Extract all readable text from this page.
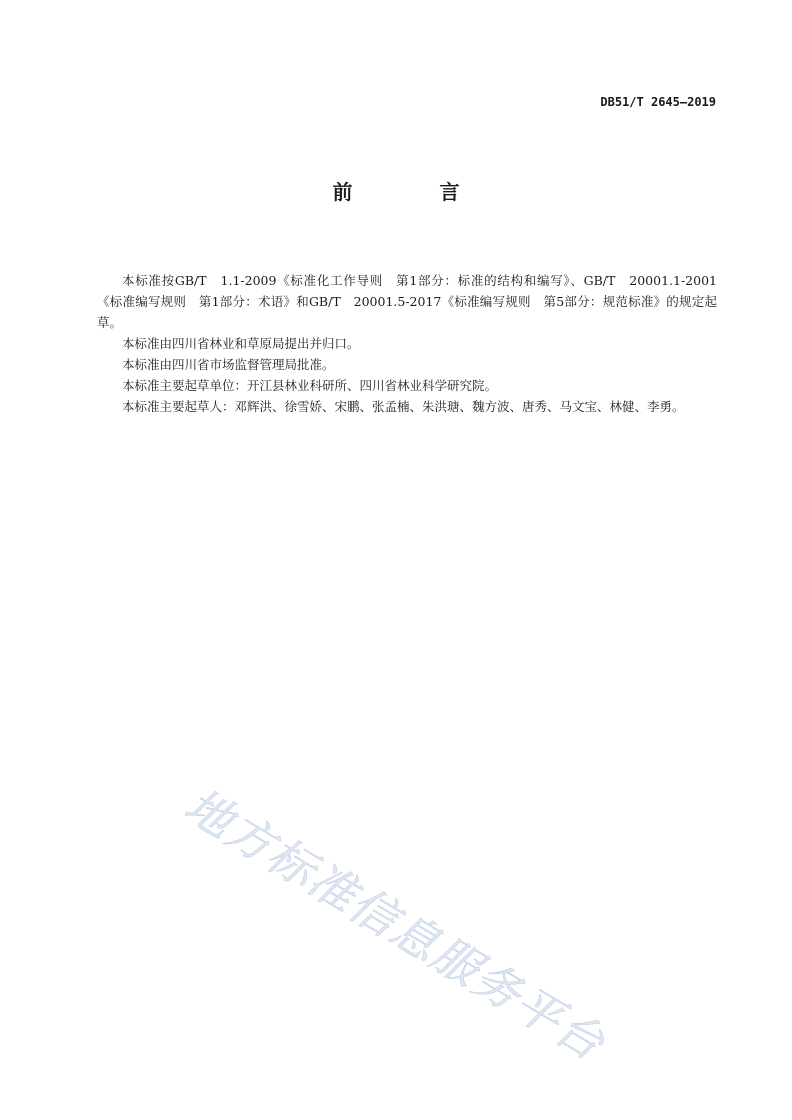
DB51/T 2645—2019
前 言

本标准按GB/T　1.1-2009《标准化工作导则　第1部分：标准的结构和编写》、GB/T　20001.1-2001《标准编写规则　第1部分：术语》和GB/T　20001.5-2017《标准编写规则　第5部分：规范标准》的规定起草。

本标准由四川省林业和草原局提出并归口。

本标准由四川省市场监督管理局批准。

本标准主要起草单位：开江县林业科研所、四川省林业科学研究院。

本标准主要起草人：邓辉洪、徐雪娇、宋鹏、张孟楠、朱洪瑭、魏方波、唐秀、马文宝、林健、李勇。

地方标准信息服务平台
